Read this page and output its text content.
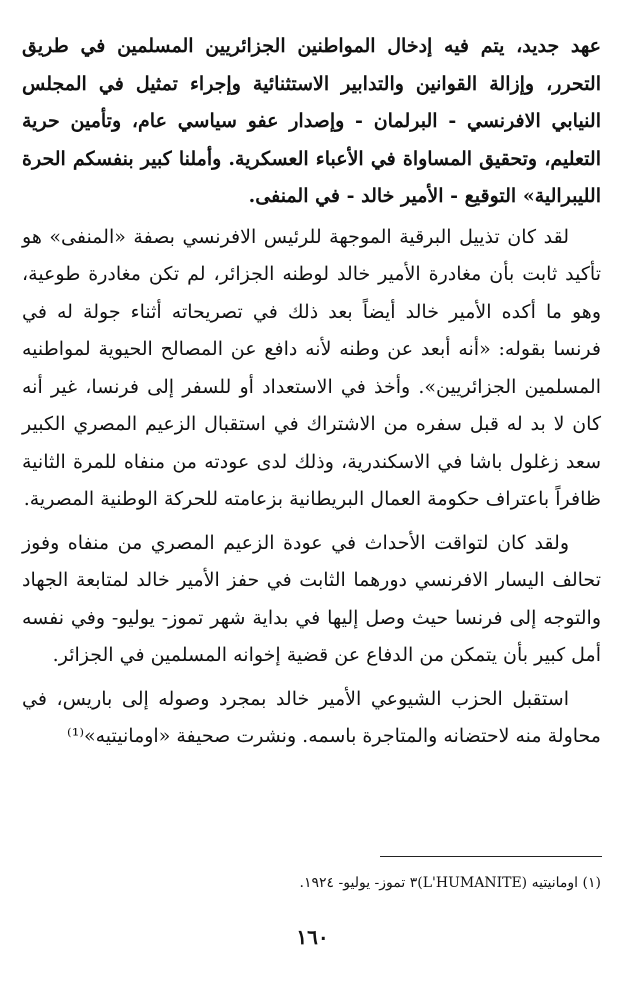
عهد جديد، يتم فيه إدخال المواطنين الجزائريين المسلمين في طريق التحرر، وإزالة القوانين والتدابير الاستثنائية وإجراء تمثيل في المجلس النيابي الافرنسي - البرلمان - وإصدار عفو سياسي عام، وتأمين حرية التعليم، وتحقيق المساواة في الأعباء العسكرية. وأملنا كبير بنفسكم الحرة الليبرالية» التوقيع - الأمير خالد - في المنفى.

لقد كان تذييل البرقية الموجهة للرئيس الافرنسي بصفة «المنفى» هو تأكيد ثابت بأن مغادرة الأمير خالد لوطنه الجزائر، لم تكن مغادرة طوعية، وهو ما أكده الأمير خالد أيضاً بعد ذلك في تصريحاته أثناء جولة له في فرنسا بقوله: «أنه أبعد عن وطنه لأنه دافع عن المصالح الحيوية لمواطنيه المسلمين الجزائريين». وأخذ في الاستعداد أو للسفر إلى فرنسا، غير أنه كان لا بد له قبل سفره من الاشتراك في استقبال الزعيم المصري الكبير سعد زغلول باشا في الاسكندرية، وذلك لدى عودته من منفاه للمرة الثانية ظافراً باعتراف حكومة العمال البريطانية بزعامته للحركة الوطنية المصرية.

ولقد كان لتواقت الأحداث في عودة الزعيم المصري من منفاه وفوز تحالف اليسار الافرنسي دورهما الثابت في حفز الأمير خالد لمتابعة الجهاد والتوجه إلى فرنسا حيث وصل إليها في بداية شهر تموز- يوليو- وفي نفسه أمل كبير بأن يتمكن من الدفاع عن قضية إخوانه المسلمين في الجزائر.

استقبل الحزب الشيوعي الأمير خالد بمجرد وصوله إلى باريس، في محاولة منه لاحتضانه والمتاجرة باسمه. ونشرت صحيفة «اومانيتيه»⁽¹⁾

(١) اومانيتيه (L'HUMANITE)٣ تموز- يوليو- ١٩٢٤.
١٦٠
